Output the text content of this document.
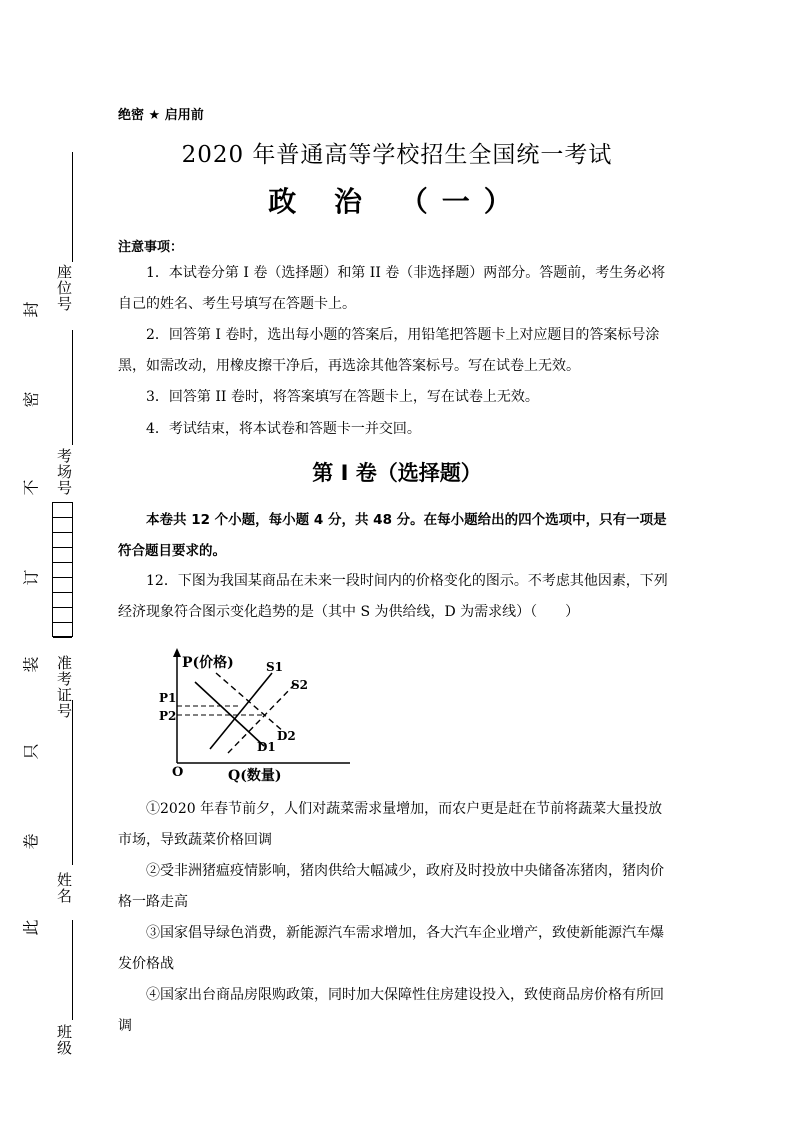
座位号
考场号
准考证号
姓名
班级
封
密
不
订
装
只
卷
此
绝密 ★ 启用前
2020 年普通高等学校招生全国统一考试
政 治 （一）
注意事项：
1．本试卷分第 I 卷（选择题）和第 II 卷（非选择题）两部分。答题前，考生务必将自己的姓名、考生号填写在答题卡上。
2．回答第 I 卷时，选出每小题的答案后，用铅笔把答题卡上对应题目的答案标号涂黑，如需改动，用橡皮擦干净后，再选涂其他答案标号。写在试卷上无效。
3．回答第 II 卷时，将答案填写在答题卡上，写在试卷上无效。
4．考试结束，将本试卷和答题卡一并交回。
第 I 卷（选择题）
本卷共 12 个小题，每小题 4 分，共 48 分。在每小题给出的四个选项中，只有一项是符合题目要求的。
12．下图为我国某商品在未来一段时间内的价格变化的图示。不考虑其他因素，下列经济现象符合图示变化趋势的是（其中 S 为供给线，D 为需求线）（　　）
P(价格)
Q(数量)
O
P1
P2
S1
S2
D1
D2
①2020 年春节前夕，人们对蔬菜需求量增加，而农户更是赶在节前将蔬菜大量投放市场，导致蔬菜价格回调
②受非洲猪瘟疫情影响，猪肉供给大幅减少，政府及时投放中央储备冻猪肉，猪肉价格一路走高
③国家倡导绿色消费，新能源汽车需求增加，各大汽车企业增产，致使新能源汽车爆发价格战
④国家出台商品房限购政策，同时加大保障性住房建设投入，致使商品房价格有所回调
